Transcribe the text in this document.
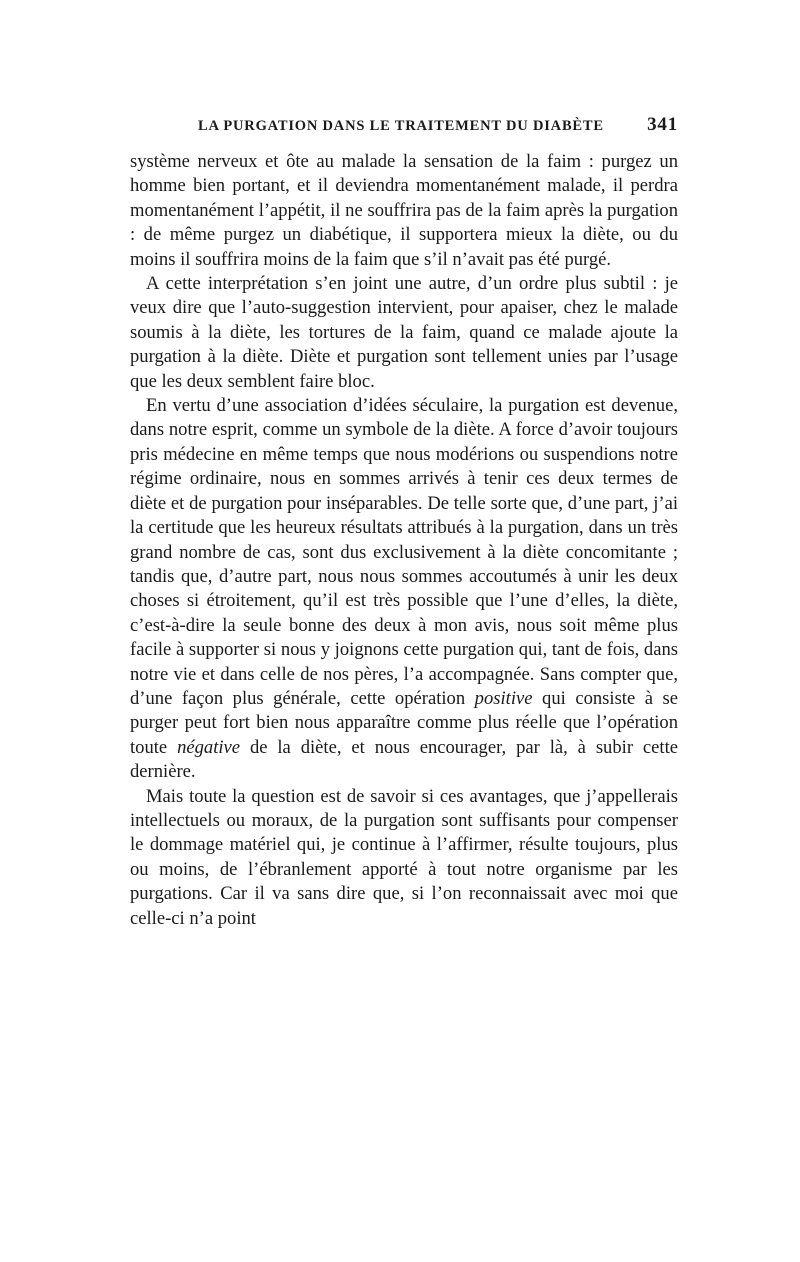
LA PURGATION DANS LE TRAITEMENT DU DIABÈTE 341

système nerveux et ôte au malade la sensation de la faim : purgez un homme bien portant, et il deviendra momentanément malade, il perdra momentanément l’appétit, il ne souffrira pas de la faim après la purgation : de même purgez un diabétique, il supportera mieux la diète, ou du moins il souffrira moins de la faim que s’il n’avait pas été purgé.

A cette interprétation s’en joint une autre, d’un ordre plus subtil : je veux dire que l’auto-suggestion intervient, pour apaiser, chez le malade soumis à la diète, les tortures de la faim, quand ce malade ajoute la purgation à la diète. Diète et purgation sont tellement unies par l’usage que les deux semblent faire bloc.

En vertu d’une association d’idées séculaire, la purgation est devenue, dans notre esprit, comme un symbole de la diète. A force d’avoir toujours pris médecine en même temps que nous modérions ou suspendions notre régime ordinaire, nous en sommes arrivés à tenir ces deux termes de diète et de purgation pour inséparables. De telle sorte que, d’une part, j’ai la certitude que les heureux résultats attribués à la purgation, dans un très grand nombre de cas, sont dus exclusivement à la diète concomitante ; tandis que, d’autre part, nous nous sommes accoutumés à unir les deux choses si étroitement, qu’il est très possible que l’une d’elles, la diète, c’est-à-dire la seule bonne des deux à mon avis, nous soit même plus facile à supporter si nous y joignons cette purgation qui, tant de fois, dans notre vie et dans celle de nos pères, l’a accompagnée. Sans compter que, d’une façon plus générale, cette opération positive qui consiste à se purger peut fort bien nous apparaître comme plus réelle que l’opération toute négative de la diète, et nous encourager, par là, à subir cette dernière.

Mais toute la question est de savoir si ces avantages, que j’appellerais intellectuels ou moraux, de la purgation sont suffisants pour compenser le dommage matériel qui, je continue à l’affirmer, résulte toujours, plus ou moins, de l’ébranlement apporté à tout notre organisme par les purgations. Car il va sans dire que, si l’on reconnaissait avec moi que celle-ci n’a point
